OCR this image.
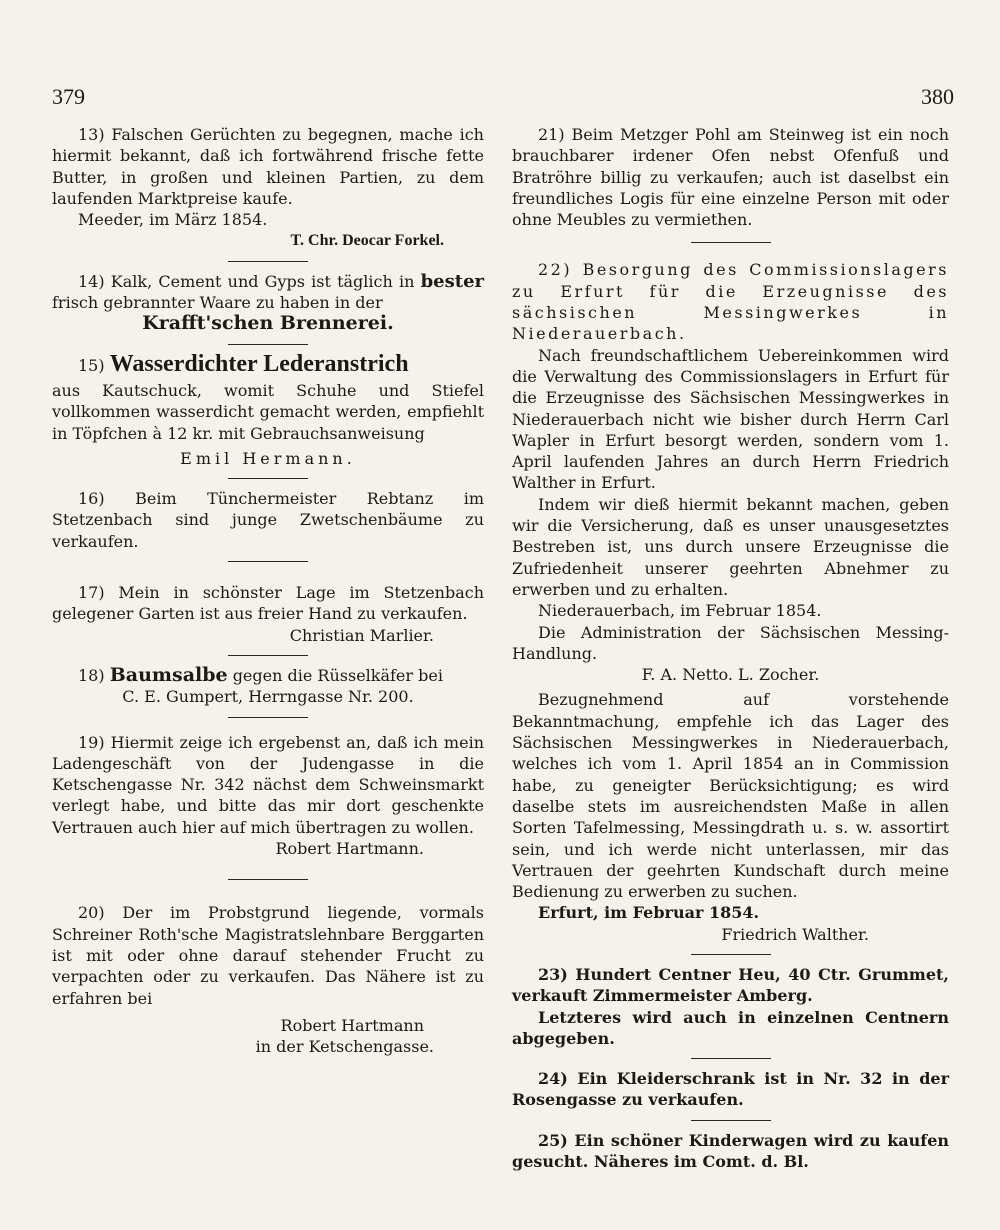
379	380

13) Falschen Gerüchten zu begegnen, mache ich hiermit bekannt, daß ich fortwährend frische fette Butter, in großen und kleinen Partien, zu dem laufenden Marktpreise kaufe.

Meeder, im März 1854.

T. Chr. Deocar Forkel.

14) Kalk, Cement und Gyps ist täglich in bester frisch gebrannter Waare zu haben in der

Krafft'schen Brennerei.

15) Wasserdichter Lederanstrich

aus Kautschuck, womit Schuhe und Stiefel vollkommen wasserdicht gemacht werden, empfiehlt in Töpfchen à 12 kr. mit Gebrauchsanweisung

Emil Hermann.

16) Beim Tünchermeister Rebtanz im Stetzenbach sind junge Zwetschenbäume zu verkaufen.

17) Mein in schönster Lage im Stetzenbach gelegener Garten ist aus freier Hand zu verkaufen.

Christian Marlier.

18) Baumsalbe gegen die Rüsselkäfer bei

C. E. Gumpert, Herrngasse Nr. 200.

19) Hiermit zeige ich ergebenst an, daß ich mein Ladengeschäft von der Judengasse in die Ketschengasse Nr. 342 nächst dem Schweinsmarkt verlegt habe, und bitte das mir dort geschenkte Vertrauen auch hier auf mich übertragen zu wollen.

Robert Hartmann.

20) Der im Probstgrund liegende, vormals Schreiner Roth'sche Magistratslehnbare Berggarten ist mit oder ohne darauf stehender Frucht zu verpachten oder zu verkaufen. Das Nähere ist zu erfahren bei

Robert Hartmann

in der Ketschengasse.

21) Beim Metzger Pohl am Steinweg ist ein noch brauchbarer irdener Ofen nebst Ofenfuß und Bratröhre billig zu verkaufen; auch ist daselbst ein freundliches Logis für eine einzelne Person mit oder ohne Meubles zu vermiethen.

22) Besorgung des Commissionslagers zu Erfurt für die Erzeugnisse des sächsischen Messingwerkes in Niederauerbach.

Nach freundschaftlichem Uebereinkommen wird die Verwaltung des Commissionslagers in Erfurt für die Erzeugnisse des Sächsischen Messingwerkes in Niederauerbach nicht wie bisher durch Herrn Carl Wapler in Erfurt besorgt werden, sondern vom 1. April laufenden Jahres an durch Herrn Friedrich Walther in Erfurt.

Indem wir dieß hiermit bekannt machen, geben wir die Versicherung, daß es unser unausgesetztes Bestreben ist, uns durch unsere Erzeugnisse die Zufriedenheit unserer geehrten Abnehmer zu erwerben und zu erhalten.

Niederauerbach, im Februar 1854.

Die Administration der Sächsischen Messing-Handlung.

F. A. Netto. L. Zocher.

Bezugnehmend auf vorstehende Bekanntmachung, empfehle ich das Lager des Sächsischen Messingwerkes in Niederauerbach, welches ich vom 1. April 1854 an in Commission habe, zu geneigter Berücksichtigung; es wird daselbe stets im ausreichendsten Maße in allen Sorten Tafelmessing, Messingdrath u. s. w. assortirt sein, und ich werde nicht unterlassen, mir das Vertrauen der geehrten Kundschaft durch meine Bedienung zu erwerben zu suchen.

Erfurt, im Februar 1854.

Friedrich Walther.

23) Hundert Centner Heu, 40 Ctr. Grummet, verkauft Zimmermeister Amberg.

Letzteres wird auch in einzelnen Centnern abgegeben.

24) Ein Kleiderschrank ist in Nr. 32 in der Rosengasse zu verkaufen.

25) Ein schöner Kinderwagen wird zu kaufen gesucht. Näheres im Comt. d. Bl.
